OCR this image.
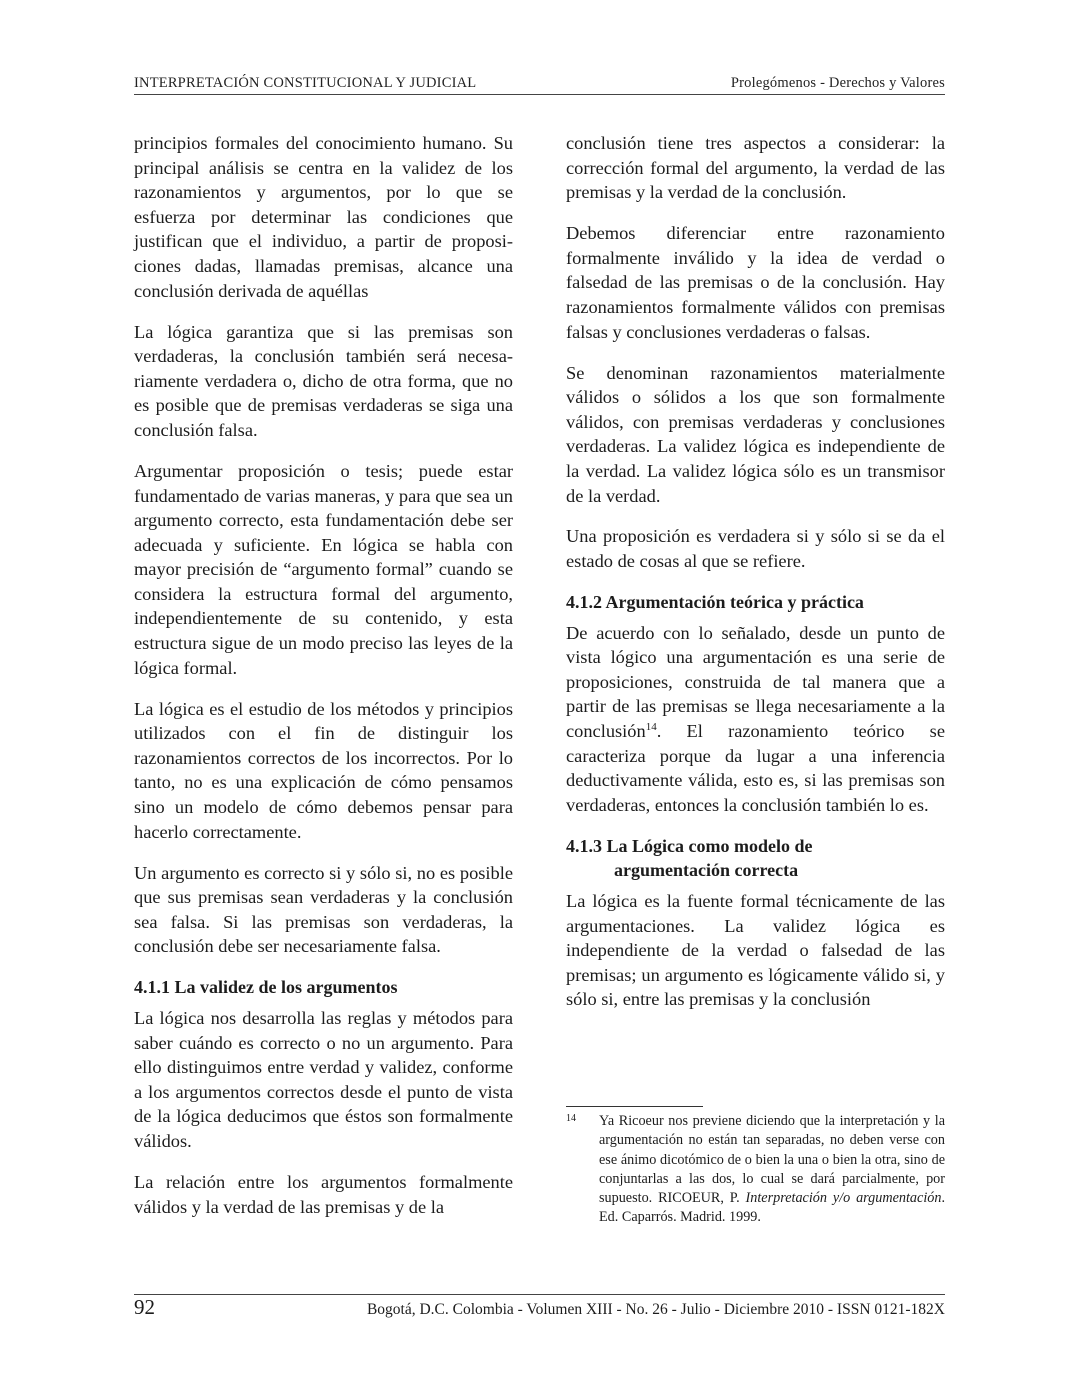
INTERPRETACIÓN CONSTITUCIONAL Y JUDICIAL	Prolegómenos - Derechos y Valores

principios formales del conocimiento humano. Su principal análisis se centra en la validez de los razonamientos y argumentos, por lo que se esfuerza por determinar las condiciones que justifican que el individuo, a partir de proposiciones dadas, llamadas premisas, alcance una conclusión derivada de aquéllas

La lógica garantiza que si las premisas son verdaderas, la conclusión también será necesariamente verdadera o, dicho de otra forma, que no es posible que de premisas verdaderas se siga una conclusión falsa.

Argumentar proposición o tesis; puede estar fundamentado de varias maneras, y para que sea un argumento correcto, esta fundamentación debe ser adecuada y suficiente. En lógica se habla con mayor precisión de “argumento formal” cuando se considera la estructura formal del argumento, independientemente de su contenido, y esta estructura sigue de un modo preciso las leyes de la lógica formal.

La lógica es el estudio de los métodos y principios utilizados con el fin de distinguir los razonamientos correctos de los incorrectos. Por lo tanto, no es una explicación de cómo pensamos sino un modelo de cómo debemos pensar para hacerlo correctamente.

Un argumento es correcto si y sólo si, no es posible que sus premisas sean verdaderas y la conclusión sea falsa. Si las premisas son verdaderas, la conclusión debe ser necesariamente falsa.

4.1.1 La validez de los argumentos

La lógica nos desarrolla las reglas y métodos para saber cuándo es correcto o no un argumento. Para ello distinguimos entre verdad y validez, conforme a los argumentos correctos desde el punto de vista de la lógica deducimos que éstos son formalmente válidos.

La relación entre los argumentos formalmente válidos y la verdad de las premisas y de la

conclusión tiene tres aspectos a considerar: la corrección formal del argumento, la verdad de las premisas y la verdad de la conclusión.

Debemos diferenciar entre razonamiento formalmente inválido y la idea de verdad o falsedad de las premisas o de la conclusión. Hay razonamientos formalmente válidos con premisas falsas y conclusiones verdaderas o falsas.

Se denominan razonamientos materialmente válidos o sólidos a los que son formalmente válidos, con premisas verdaderas y conclusiones verdaderas. La validez lógica es independiente de la verdad. La validez lógica sólo es un transmisor de la verdad.

Una proposición es verdadera si y sólo si se da el estado de cosas al que se refiere.

4.1.2 Argumentación teórica y práctica

De acuerdo con lo señalado, desde un punto de vista lógico una argumentación es una serie de proposiciones, construida de tal manera que a partir de las premisas se llega necesariamente a la conclusión$^{14}$. El razonamiento teórico se caracteriza porque da lugar a una inferencia deductivamente válida, esto es, si las premisas son verdaderas, entonces la conclusión también lo es.

4.1.3 La Lógica como modelo de
argumentación correcta

La lógica es la fuente formal técnicamente de las argumentaciones. La validez lógica es independiente de la verdad o falsedad de las premisas; un argumento es lógicamente válido si, y sólo si, entre las premisas y la conclusión

14	Ya Ricoeur nos previene diciendo que la interpretación y la argumentación no están tan separadas, no deben verse con ese ánimo dicotómico de o bien la una o bien la otra, sino de conjuntarlas a las dos, lo cual se dará parcialmente, por supuesto. RICOEUR, P. Interpretación y/o argumentación. Ed. Caparrós. Madrid. 1999.
92	Bogotá, D.C. Colombia - Volumen XIII - No. 26 - Julio - Diciembre 2010 - ISSN 0121-182X
